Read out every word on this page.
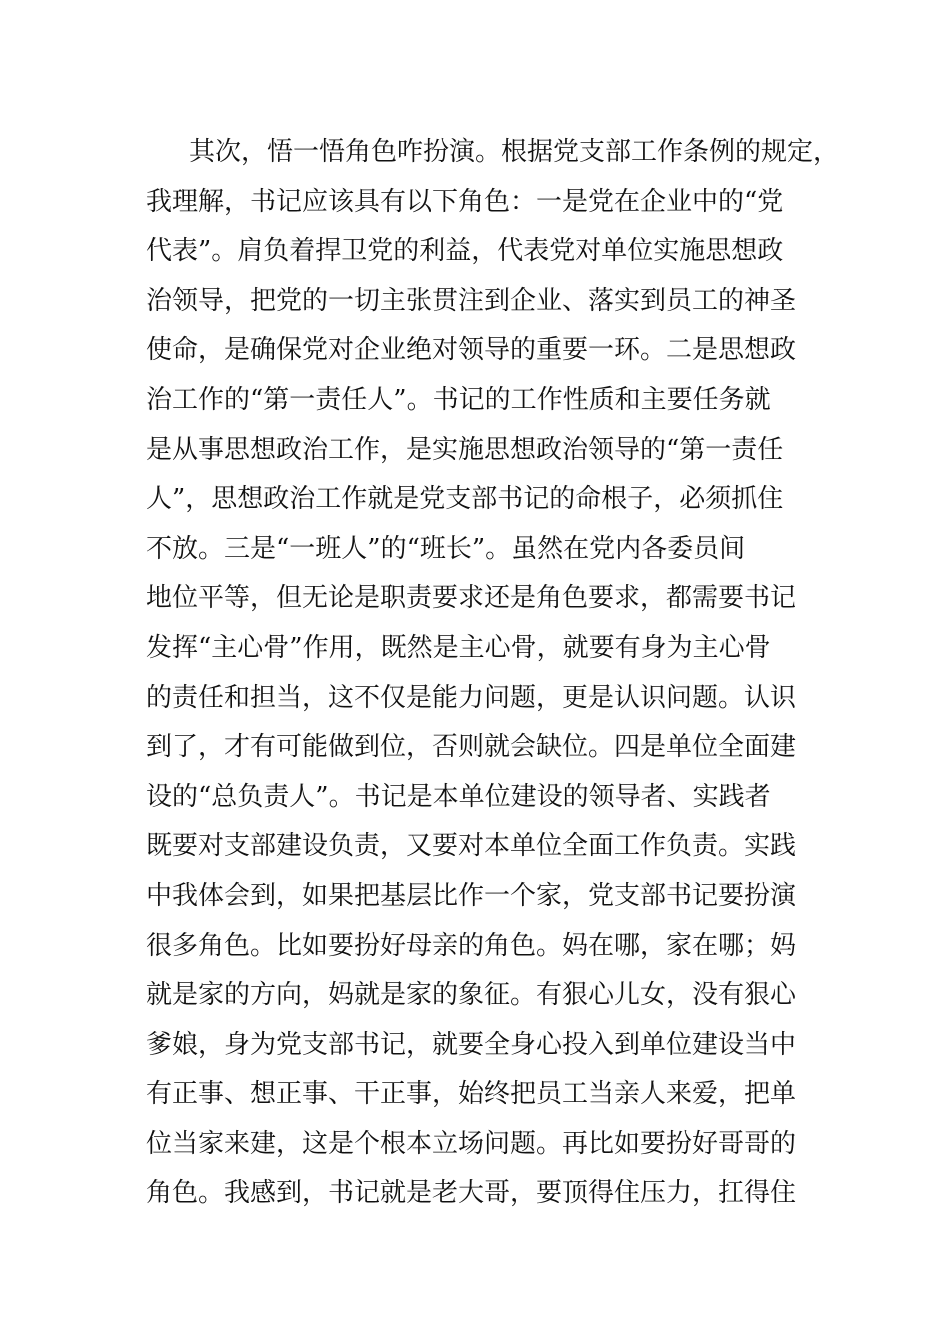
其次，悟一悟角色咋扮演。根据党支部工作条例的规定，
我理解，书记应该具有以下角色：一是党在企业中的“党
代表”。肩负着捍卫党的利益，代表党对单位实施思想政
治领导，把党的一切主张贯注到企业、落实到员工的神圣
使命，是确保党对企业绝对领导的重要一环。二是思想政
治工作的“第一责任人”。书记的工作性质和主要任务就
是从事思想政治工作，是实施思想政治领导的“第一责任
人”，思想政治工作就是党支部书记的命根子，必须抓住
不放。三是“一班人”的“班长”。虽然在党内各委员间
地位平等，但无论是职责要求还是角色要求，都需要书记
发挥“主心骨”作用，既然是主心骨，就要有身为主心骨
的责任和担当，这不仅是能力问题，更是认识问题。认识
到了，才有可能做到位，否则就会缺位。四是单位全面建
设的“总负责人”。书记是本单位建设的领导者、实践者
既要对支部建设负责，又要对本单位全面工作负责。实践
中我体会到，如果把基层比作一个家，党支部书记要扮演
很多角色。比如要扮好母亲的角色。妈在哪，家在哪；妈
就是家的方向，妈就是家的象征。有狠心儿女，没有狠心
爹娘，身为党支部书记，就要全身心投入到单位建设当中
有正事、想正事、干正事，始终把员工当亲人来爱，把单
位当家来建，这是个根本立场问题。再比如要扮好哥哥的
角色。我感到，书记就是老大哥，要顶得住压力，扛得住
